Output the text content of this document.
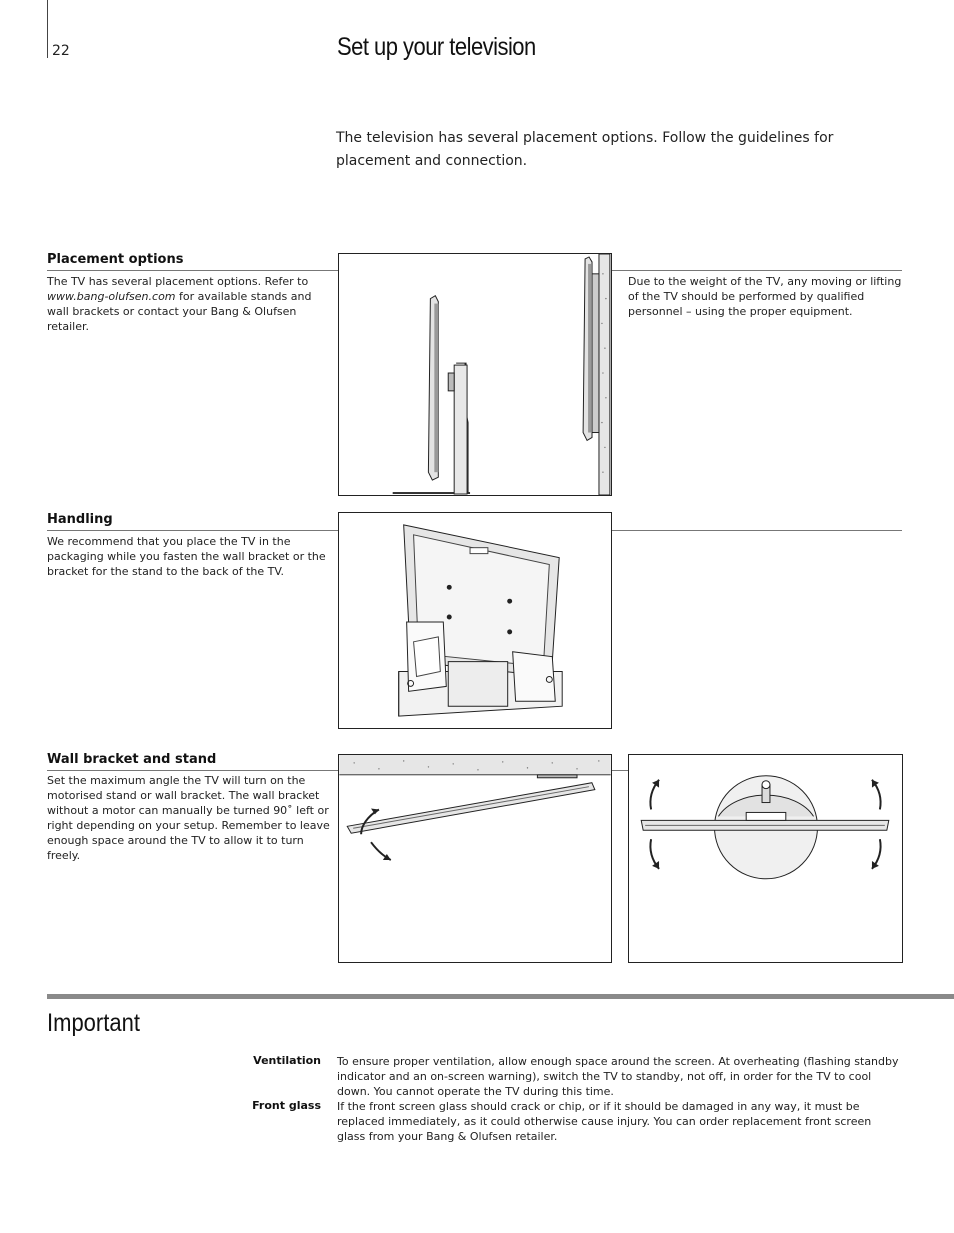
22	Set up your television
The television has several placement options. Follow the guidelines for placement and connection.
Placement options
The TV has several placement options. Refer to www.bang-olufsen.com for available stands and wall brackets or contact your Bang & Olufsen retailer.
Due to the weight of the TV, any moving or lifting of the TV should be performed by qualified personnel – using the proper equipment.
Handling
We recommend that you place the TV in the packaging while you fasten the wall bracket or the bracket for the stand to the back of the TV.
Wall bracket and stand
Set the maximum angle the TV will turn on the motorised stand or wall bracket. The wall bracket without a motor can manually be turned 90˚ left or right depending on your setup. Remember to leave enough space around the TV to allow it to turn freely.
Important
Ventilation To ensure proper ventilation, allow enough space around the screen. At overheating (flashing standby indicator and an on-screen warning), switch the TV to standby, not off, in order for the TV to cool down. You cannot operate the TV during this time.
Front glass If the front screen glass should crack or chip, or if it should be damaged in any way, it must be replaced immediately, as it could otherwise cause injury. You can order replacement front screen glass from your Bang & Olufsen retailer.
